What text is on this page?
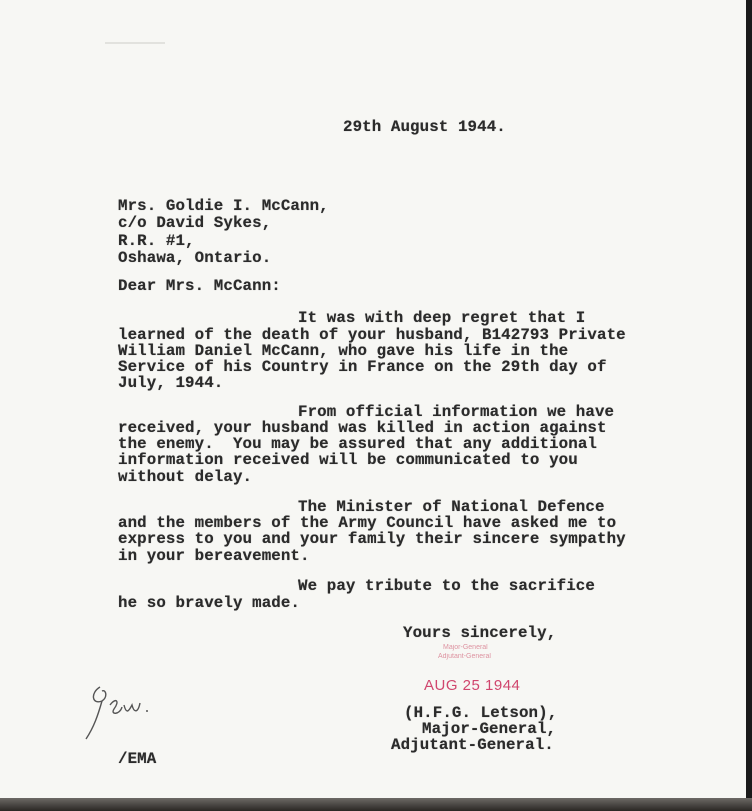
29th August 1944.
Mrs. Goldie I. McCann,
c/o David Sykes,
R.R. #1,
Oshawa, Ontario.
Dear Mrs. McCann:
It was with deep regret that I
learned of the death of your husband, B142793 Private
William Daniel McCann, who gave his life in the
Service of his Country in France on the 29th day of
July, 1944.
From official information we have
received, your husband was killed in action against
the enemy.  You may be assured that any additional
information received will be communicated to you
without delay.
The Minister of National Defence
and the members of the Army Council have asked me to
express to you and your family their sincere sympathy
in your bereavement.
We pay tribute to the sacrifice
he so bravely made.
Yours sincerely,
Major-General
Adjutant-General
AUG 25 1944
(H.F.G. Letson),
Major-General,
Adjutant-General.
/EMA
